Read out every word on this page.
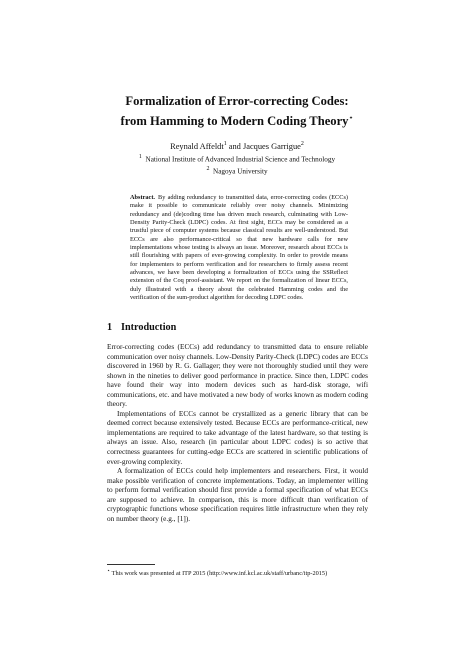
Formalization of Error-correcting Codes:
from Hamming to Modern Coding Theory⋆
Reynald Affeldt$^1$ and Jacques Garrigue$^2$
$^1$ National Institute of Advanced Industrial Science and Technology
$^2$ Nagoya University
Abstract. By adding redundancy to transmitted data, error-correcting codes (ECCs) make it possible to communicate reliably over noisy channels. Minimizing redundancy and (de)coding time has driven much research, culminating with Low-Density Parity-Check (LDPC) codes. At first sight, ECCs may be considered as a trustful piece of computer systems because classical results are well-understood. But ECCs are also performance-critical so that new hardware calls for new implementations whose testing is always an issue. Moreover, research about ECCs is still flourishing with papers of ever-growing complexity. In order to provide means for implementers to perform verification and for researchers to firmly assess recent advances, we have been developing a formalization of ECCs using the SSReflect extension of the Coq proof-assistant. We report on the formalization of linear ECCs, duly illustrated with a theory about the celebrated Hamming codes and the verification of the sum-product algorithm for decoding LDPC codes.
1 Introduction

Error-correcting codes (ECCs) add redundancy to transmitted data to ensure reliable communication over noisy channels. Low-Density Parity-Check (LDPC) codes are ECCs discovered in 1960 by R. G. Gallager; they were not thoroughly studied until they were shown in the nineties to deliver good performance in practice. Since then, LDPC codes have found their way into modern devices such as hard-disk storage, wifi communications, etc. and have motivated a new body of works known as modern coding theory.

Implementations of ECCs cannot be crystallized as a generic library that can be deemed correct because extensively tested. Because ECCs are performance-critical, new implementations are required to take advantage of the latest hardware, so that testing is always an issue. Also, research (in particular about LDPC codes) is so active that correctness guarantees for cutting-edge ECCs are scattered in scientific publications of ever-growing complexity.

A formalization of ECCs could help implementers and researchers. First, it would make possible verification of concrete implementations. Today, an implementer willing to perform formal verification should first provide a formal specification of what ECCs are supposed to achieve. In comparison, this is more difficult than verification of cryptographic functions whose specification requires little infrastructure when they rely on number theory (e.g., [1]).

⋆ This work was presented at ITP 2015 (http://www.inf.kcl.ac.uk/staff/urbanc/itp-2015)
